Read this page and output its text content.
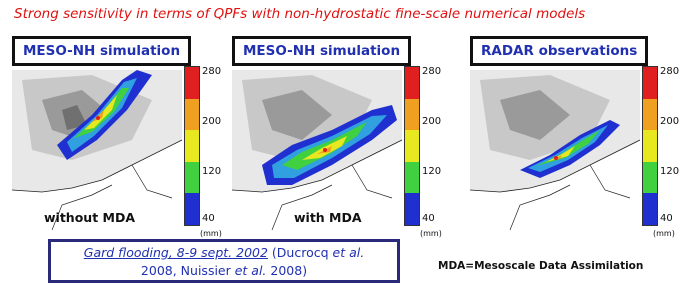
Strong sensitivity in terms of QPFs with non-hydrostatic fine-scale numerical models
MESO-NH simulation
without MDA
280
200
120
40
(mm)
MESO-NH simulation
with MDA
280
200
120
40
(mm)
RADAR observations
280
200
120
40
(mm)
Gard flooding, 8-9 sept. 2002 (Ducrocq et al.
2008, Nuissier et al. 2008)	MDA=Mesoscale Data Assimilation
